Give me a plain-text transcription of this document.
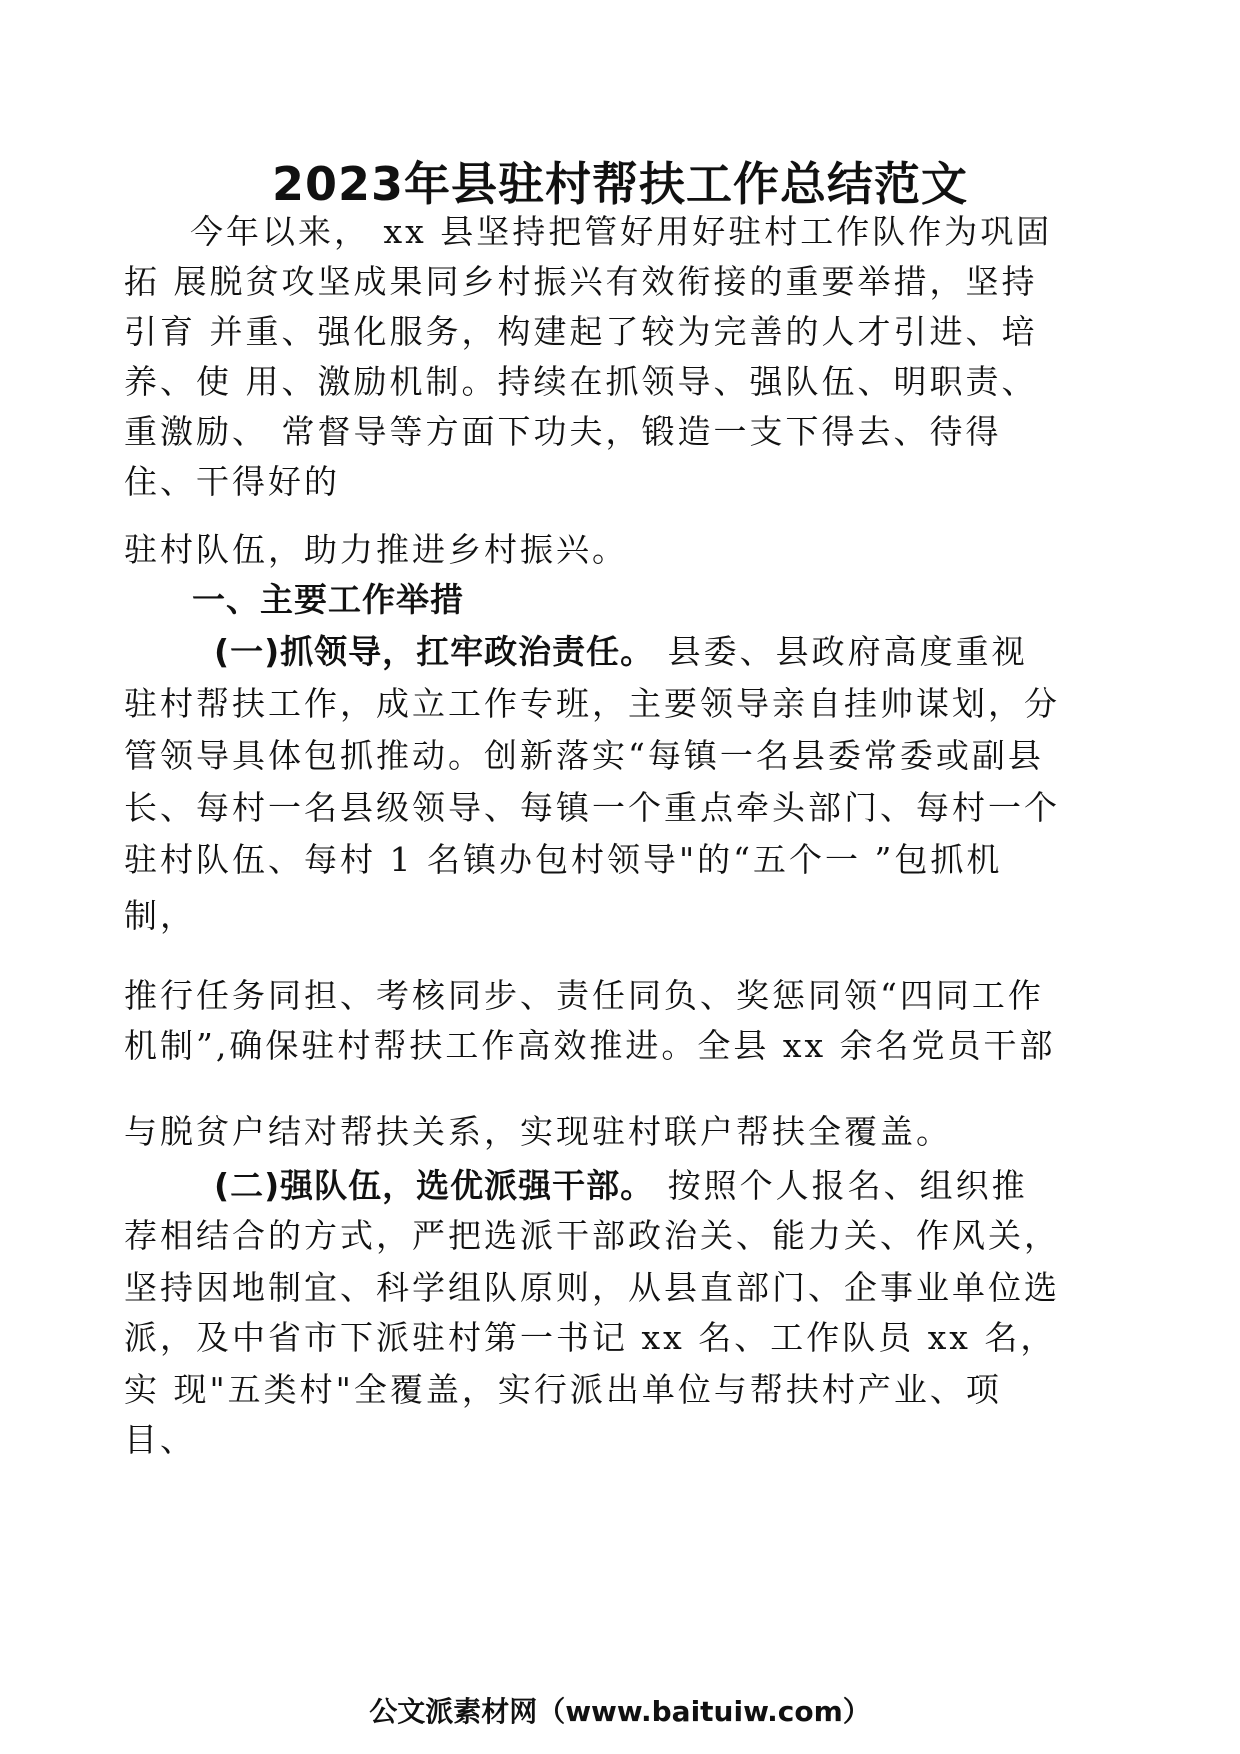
2023年县驻村帮扶工作总结范文

今年以来， xx 县坚持把管好用好驻村工作队作为巩固

拓 展脱贫攻坚成果同乡村振兴有效衔接的重要举措，坚持

引育 并重、强化服务，构建起了较为完善的人才引进、培

养、使 用、激励机制。持续在抓领导、强队伍、明职责、

重激励、 常督导等方面下功夫，锻造一支下得去、待得

住、干得好的

驻村队伍，助力推进乡村振兴。

一、主要工作举措

(一)抓领导，扛牢政治责任。 县委、县政府高度重视

驻村帮扶工作，成立工作专班，主要领导亲自挂帅谋划，分

管领导具体包抓推动。创新落实“每镇一名县委常委或副县

长、每村一名县级领导、每镇一个重点牵头部门、每村一个

驻村队伍、每村 1 名镇办包村领导"的“五个一 ”包抓机

制，

推行任务同担、考核同步、责任同负、奖惩同领“四同工作

机制”,确保驻村帮扶工作高效推进。全县 xx 余名党员干部

与脱贫户结对帮扶关系，实现驻村联户帮扶全覆盖。

(二)强队伍，选优派强干部。 按照个人报名、组织推

荐相结合的方式，严把选派干部政治关、能力关、作风关，

坚持因地制宜、科学组队原则，从县直部门、企事业单位选

派，及中省市下派驻村第一书记 xx 名、工作队员 xx 名，

实 现"五类村"全覆盖，实行派出单位与帮扶村产业、项

目、

公文派素材网（www.baituiw.com）
